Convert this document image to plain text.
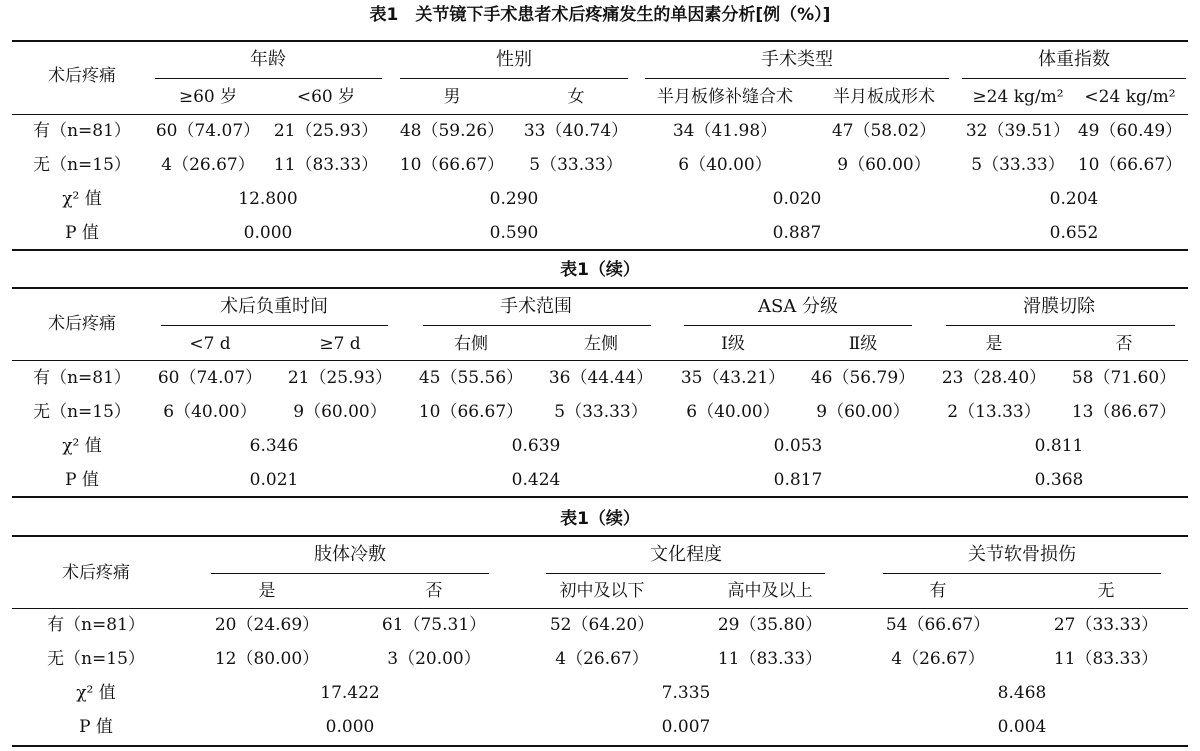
表1　关节镜下手术患者术后疼痛发生的单因素分析[例（%）]
术后疼痛
年龄	性别	手术类型	体重指数
≥60 岁	<60 岁	男	女	半月板修补缝合术 半月板成形术 ≥24 kg/m² <24 kg/m²
有（n=81） 60（74.07） 21（25.93） 48（59.26） 33（40.74）	34（41.98）	47（58.02） 32（39.51） 49（60.49）
无（n=15） 4（26.67） 11（83.33） 10（66.67） 5（33.33）	6（40.00）	9（60.00） 5（33.33） 10（66.67）
χ² 值	12.800	0.290	0.020	0.204
P 值	0.000	0.590	0.887	0.652
表1（续）
术后疼痛
术后负重时间	手术范围	ASA 分级	滑膜切除
<7 d	≥7 d	右侧	左侧	Ⅰ级	Ⅱ级	是	否
有（n=81） 60（74.07） 21（25.93） 45（55.56） 36（44.44） 35（43.21） 46（56.79） 23（28.40） 58（71.60）
无（n=15） 6（40.00） 9（60.00） 10（66.67） 5（33.33） 6（40.00） 9（60.00） 2（13.33） 13（86.67）
χ² 值	6.346	0.639	0.053	0.811
P 值	0.021	0.424	0.817	0.368
表1（续）
术后疼痛
肢体冷敷	文化程度	关节软骨损伤
是	否	初中及以下	高中及以上	有	无
有（n=81）	20（24.69）	61（75.31）	52（64.20）	29（35.80）	54（66.67）	27（33.33）
无（n=15）	12（80.00）	3（20.00）	4（26.67）	11（83.33）	4（26.67）	11（83.33）
χ² 值	17.422	7.335	8.468
P 值	0.000	0.007	0.004
